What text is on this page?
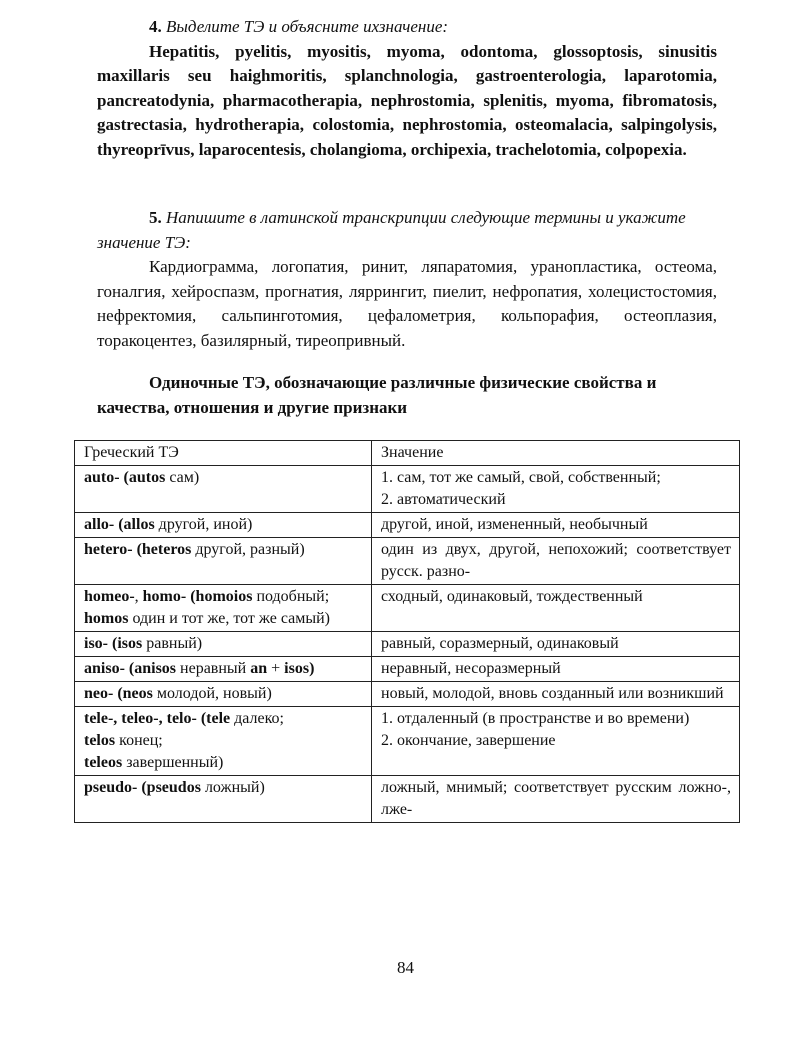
4. Выделите ТЭ и объясните ихзначение:
Hepatitis, pyelitis, myositis, myoma, odontoma, glossoptosis, sinusitis maxillaris seu haighmoritis, splanchnologia, gastroenterologia, laparotomia, pancreatodynia, pharmacotherapia, nephrostomia, splenitis, myoma, fibromatosis, gastrectasia, hydrotherapia, colostomia, nephrostomia, osteomalacia, salpingolysis, thyreoprīvus, laparocentesis, cholangioma, orchipexia, trachelotomia, colpopexia.
5. Напишите в латинской транскрипции следующие термины и укажите значение ТЭ:
Кардиограмма, логопатия, ринит, ляпаратомия, уранопластика, остеома, гоналгия, хейроспазм, прогнатия, ляррингит, пиелит, нефропатия, холецистостомия, нефректомия, сальпинготомия, цефалометрия, кольпорафия, остеоплазия, торакоцентез, базилярный, тиреопривный.
Одиночные ТЭ, обозначающие различные физические свойства и качества, отношения и другие признаки
Греческий ТЭ	Значение

auto- (autos сам)	1. сам, тот же самый, свой, собственный;
2. автоматический

allo- (allos другой, иной)	другой, иной, измененный, необычный

hetero- (heteros другой, разный)	один из двух, другой, непохожий; соответствует русск. разно-

homeo-, homo- (homoios подобный;
homos один и тот же, тот же самый)	сходный, одинаковый, тождественный

iso- (isos равный)	равный, соразмерный, одинаковый

aniso- (anisos неравный an + isos)	неравный, несоразмерный

neo- (neos молодой, новый)	новый, молодой, вновь созданный или возникший

tele-, teleo-, telo- (tele далеко;
telos конец;
teleos завершенный)	1. отдаленный (в пространстве и во времени)
2. окончание, завершение

pseudo- (pseudos ложный)	ложный, мнимый; соответствует русским ложно-, лже-
84
